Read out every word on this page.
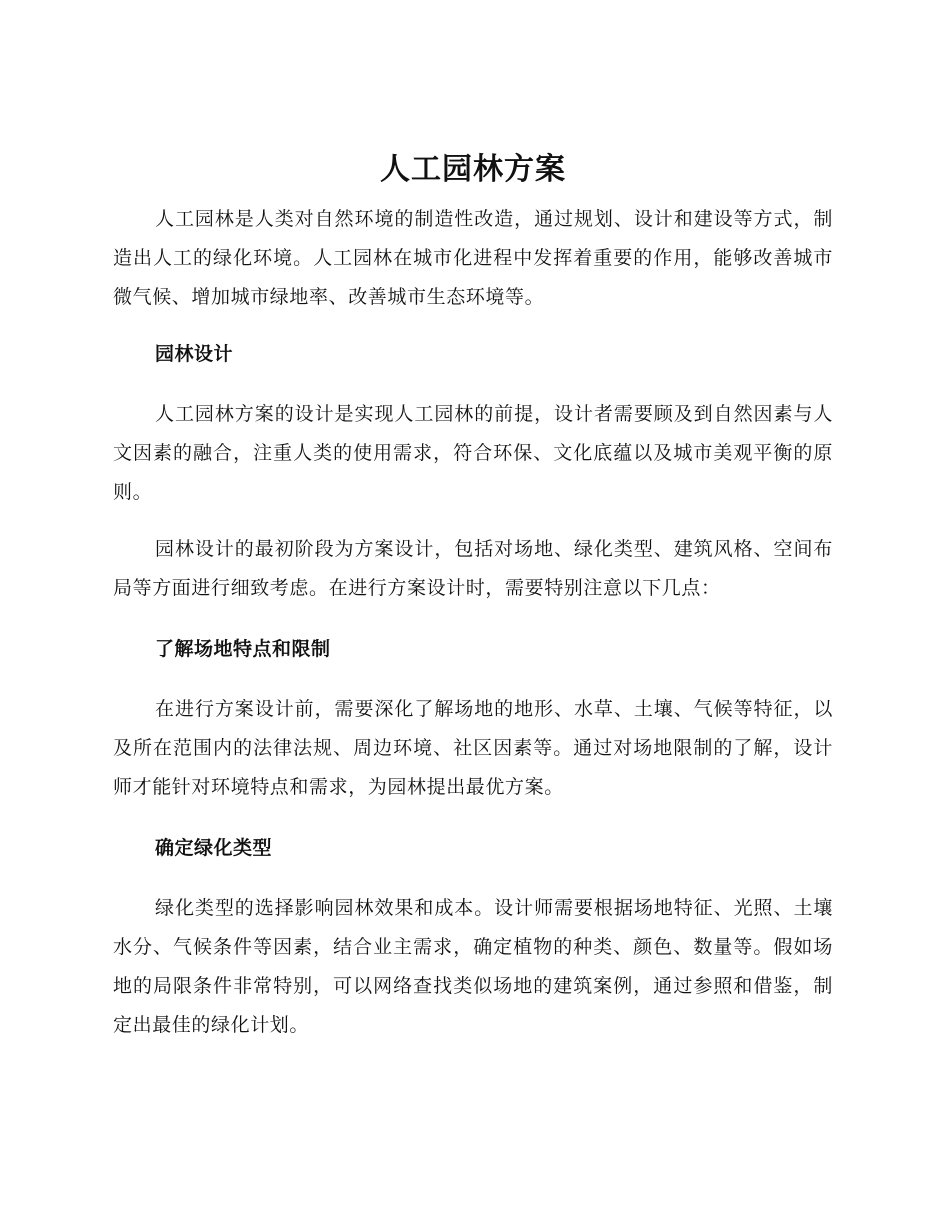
人工园林方案

人工园林是人类对自然环境的制造性改造，通过规划、设计和建设等方式，制造出人工的绿化环境。人工园林在城市化进程中发挥着重要的作用，能够改善城市微气候、增加城市绿地率、改善城市生态环境等。

园林设计

人工园林方案的设计是实现人工园林的前提，设计者需要顾及到自然因素与人文因素的融合，注重人类的使用需求，符合环保、文化底蕴以及城市美观平衡的原则。

园林设计的最初阶段为方案设计，包括对场地、绿化类型、建筑风格、空间布局等方面进行细致考虑。在进行方案设计时，需要特别注意以下几点：

了解场地特点和限制

在进行方案设计前，需要深化了解场地的地形、水草、土壤、气候等特征，以及所在范围内的法律法规、周边环境、社区因素等。通过对场地限制的了解，设计师才能针对环境特点和需求，为园林提出最优方案。

确定绿化类型

绿化类型的选择影响园林效果和成本。设计师需要根据场地特征、光照、土壤水分、气候条件等因素，结合业主需求，确定植物的种类、颜色、数量等。假如场地的局限条件非常特别，可以网络查找类似场地的建筑案例，通过参照和借鉴，制定出最佳的绿化计划。
